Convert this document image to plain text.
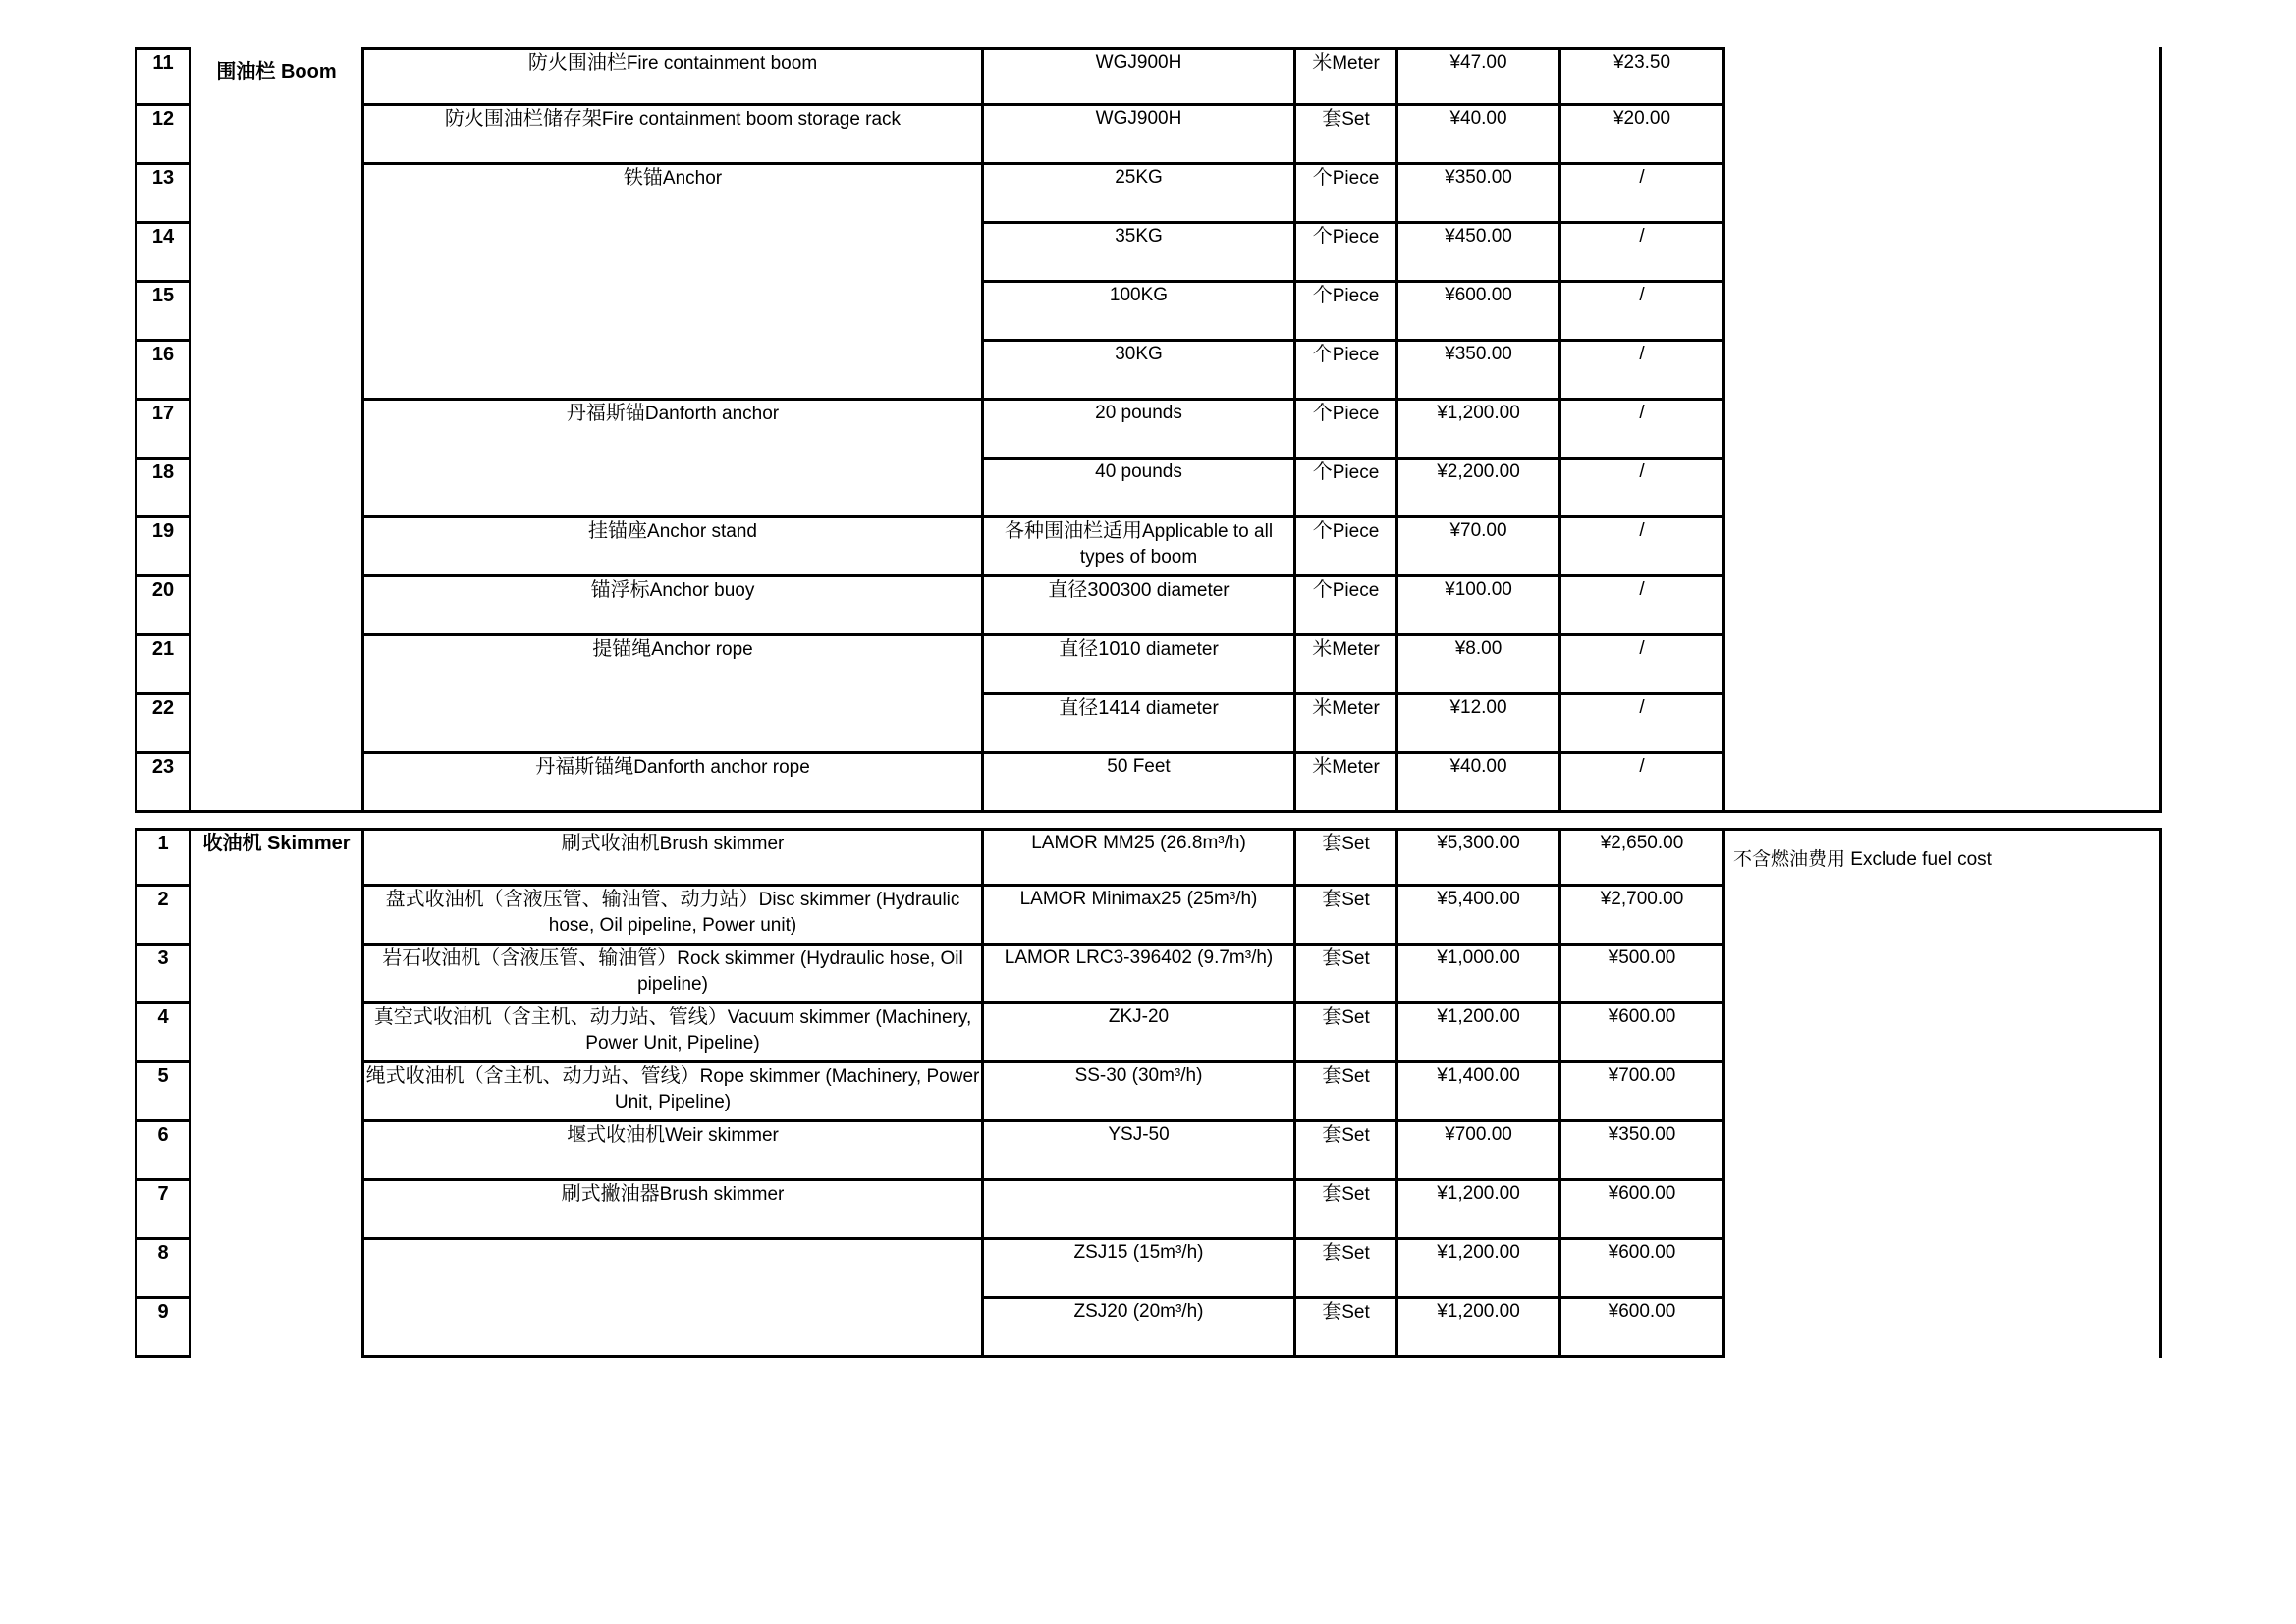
11
12
13
14
15
16
17
18
19
20
21
22
23
围油栏 Boom	防火围油栏Fire containment boom
防火围油栏储存架Fire containment boom storage rack
铁锚Anchor
丹福斯锚Danforth anchor
挂锚座Anchor stand
锚浮标Anchor buoy
提锚绳Anchor rope
丹福斯锚绳Danforth anchor rope
WGJ900H
WGJ900H
25KG
35KG
100KG
30KG
20 pounds
40 pounds
各种围油栏适用Applicable to all types of boom
直径300300 diameter
直径1010 diameter
直径1414 diameter
50 Feet
米Meter
套Set
个Piece
个Piece
个Piece
个Piece
个Piece
个Piece
个Piece
个Piece
米Meter
米Meter
米Meter
¥47.00
¥40.00
¥350.00
¥450.00
¥600.00
¥350.00
¥1,200.00
¥2,200.00
¥70.00
¥100.00
¥8.00
¥12.00
¥40.00
¥23.50
¥20.00
/
/
/
/
/
/
/
/
/
/
/
1
2
3
4
5
6
7
8
9
收油机 Skimmer	刷式收油机Brush skimmer
盘式收油机（含液压管、输油管、动力站）Disc skimmer (Hydraulic hose, Oil pipeline, Power unit)
岩石收油机（含液压管、输油管）Rock skimmer (Hydraulic hose, Oil pipeline)
真空式收油机（含主机、动力站、管线）Vacuum skimmer (Machinery, Power Unit, Pipeline)
绳式收油机（含主机、动力站、管线）Rope skimmer (Machinery, Power Unit, Pipeline)
堰式收油机Weir skimmer
刷式撇油器Brush skimmer
LAMOR MM25 (26.8m³/h)
LAMOR Minimax25 (25m³/h)
LAMOR LRC3-396402 (9.7m³/h)
ZKJ-20
SS-30 (30m³/h)
YSJ-50
ZSJ15 (15m³/h)
ZSJ20 (20m³/h)
套Set
套Set
套Set
套Set
套Set
套Set
套Set
套Set
套Set
¥5,300.00
¥5,400.00
¥1,000.00
¥1,200.00
¥1,400.00
¥700.00
¥1,200.00
¥1,200.00
¥1,200.00
¥2,650.00
¥2,700.00
¥500.00
¥600.00
¥700.00
¥350.00
¥600.00
¥600.00
¥600.00
不含燃油费用 Exclude fuel cost
